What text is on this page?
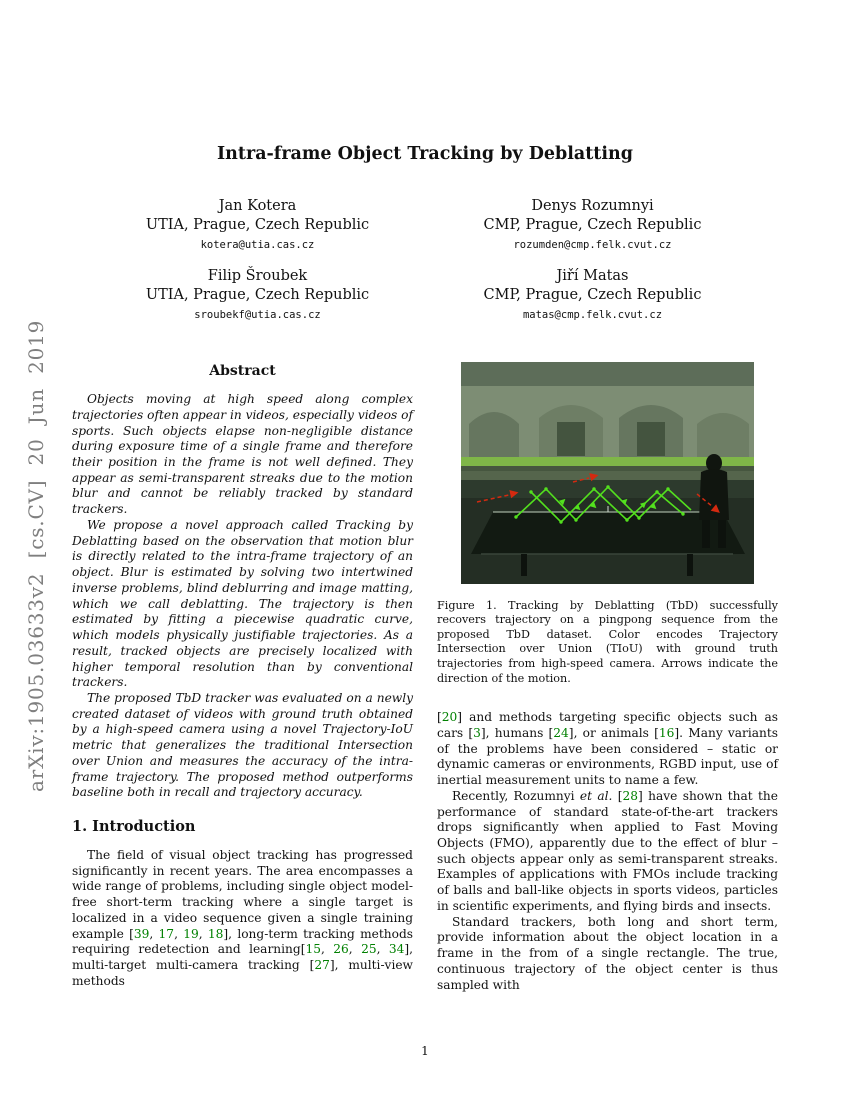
arXiv:1905.03633v2 [cs.CV] 20 Jun 2019
Intra-frame Object Tracking by Deblatting
Jan Kotera
UTIA, Prague, Czech Republic
kotera@utia.cas.cz
Denys Rozumnyi
CMP, Prague, Czech Republic
rozumden@cmp.felk.cvut.cz
Filip Šroubek
UTIA, Prague, Czech Republic
sroubekf@utia.cas.cz
Jiří Matas
CMP, Prague, Czech Republic
matas@cmp.felk.cvut.cz
Abstract

Objects moving at high speed along complex trajectories often appear in videos, especially videos of sports. Such objects elapse non-negligible distance during exposure time of a single frame and therefore their position in the frame is not well defined. They appear as semi-transparent streaks due to the motion blur and cannot be reliably tracked by standard trackers.

We propose a novel approach called Tracking by Deblatting based on the observation that motion blur is directly related to the intra-frame trajectory of an object. Blur is estimated by solving two intertwined inverse problems, blind deblurring and image matting, which we call deblatting. The trajectory is then estimated by fitting a piecewise quadratic curve, which models physically justifiable trajectories. As a result, tracked objects are precisely localized with higher temporal resolution than by conventional trackers.

The proposed TbD tracker was evaluated on a newly created dataset of videos with ground truth obtained by a high-speed camera using a novel Trajectory-IoU metric that generalizes the traditional Intersection over Union and measures the accuracy of the intra-frame trajectory. The proposed method outperforms baseline both in recall and trajectory accuracy.

1. Introduction

The field of visual object tracking has progressed significantly in recent years. The area encompasses a wide range of problems, including single object model-free short-term tracking where a single target is localized in a video sequence given a single training example [39, 17, 19, 18], long-term tracking methods requiring redetection and learning[15, 26, 25, 34], multi-target multi-camera tracking [27], multi-view methods

Figure 1. Tracking by Deblatting (TbD) successfully recovers trajectory on a pingpong sequence from the proposed TbD dataset. Color encodes Trajectory Intersection over Union (TIoU) with ground truth trajectories from high-speed camera. Arrows indicate the direction of the motion.

[20] and methods targeting specific objects such as cars [3], humans [24], or animals [16]. Many variants of the problems have been considered – static or dynamic cameras or environments, RGBD input, use of inertial measurement units to name a few.

Recently, Rozumnyi et al. [28] have shown that the performance of standard state-of-the-art trackers drops significantly when applied to Fast Moving Objects (FMO), apparently due to the effect of blur – such objects appear only as semi-transparent streaks. Examples of applications with FMOs include tracking of balls and ball-like objects in sports videos, particles in scientific experiments, and flying birds and insects.

Standard trackers, both long and short term, provide information about the object location in a frame in the from of a single rectangle. The true, continuous trajectory of the object center is thus sampled with

1
